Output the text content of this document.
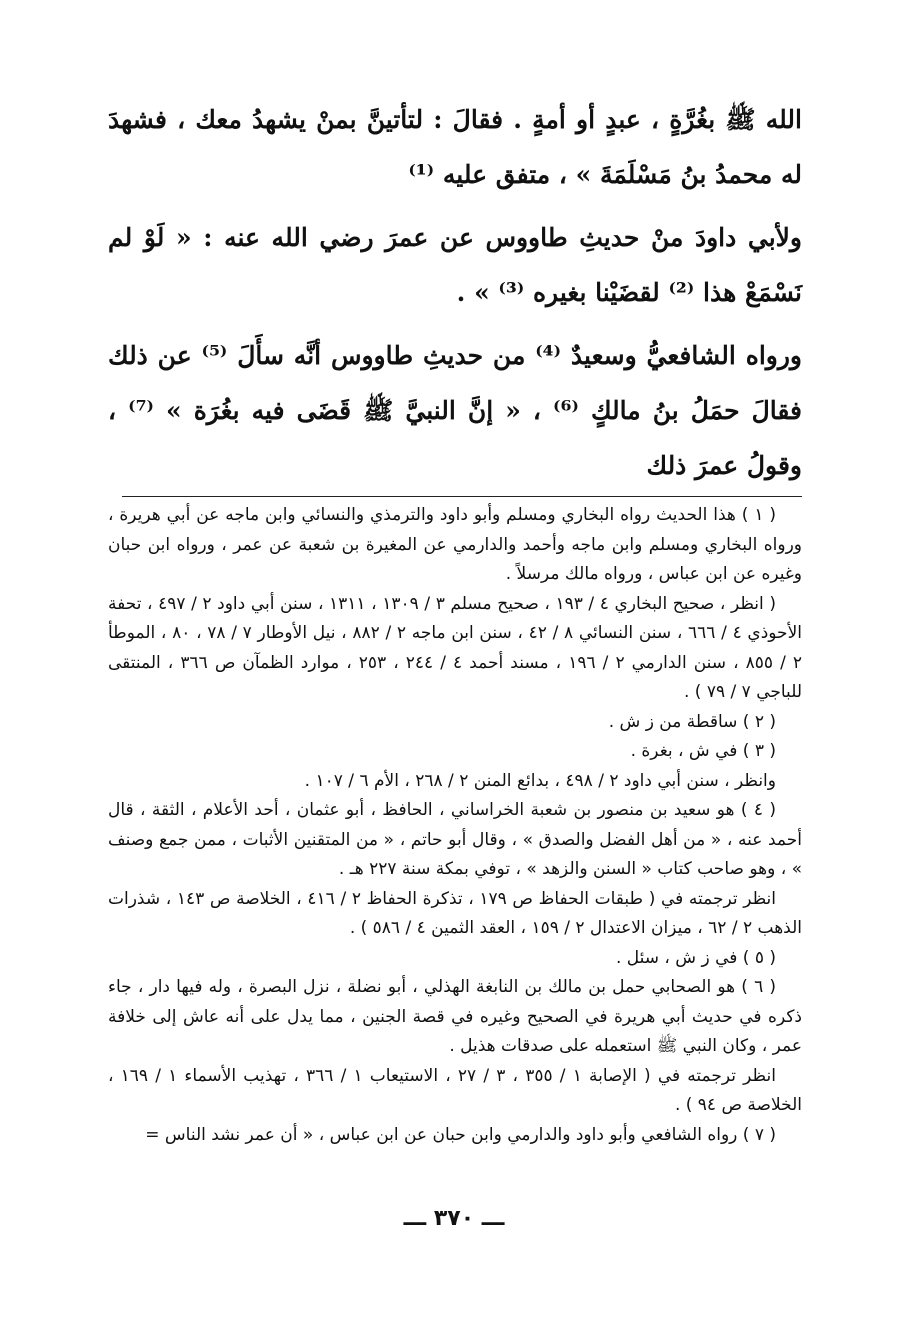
الله ﷺ بغُرَّةٍ ، عبدٍ أو أمةٍ . فقالَ : لتأتينَّ بمنْ يشهدُ معك ، فشهدَ له محمدُ بنُ مَسْلَمَةَ » ، متفق عليه ⁽¹⁾

ولأبي داودَ منْ حديثِ طاووس عن عمرَ رضي الله عنه : « لَوْ لم نَسْمَعْ هذا ⁽²⁾ لقضَيْنا بغيره ⁽³⁾ » .

ورواه الشافعيُّ وسعيدٌ ⁽⁴⁾ من حديثِ طاووس أنَّه سأَلَ ⁽⁵⁾ عن ذلك فقالَ حمَلُ بنُ مالكٍ ⁽⁶⁾ ، « إنَّ النبيَّ ﷺ قَضَى فيه بغُرَة » ⁽⁷⁾ ، وقولُ عمرَ ذلك

( ١ ) هذا الحديث رواه البخاري ومسلم وأبو داود والترمذي والنسائي وابن ماجه عن أبي هريرة ، ورواه البخاري ومسلم وابن ماجه وأحمد والدارمي عن المغيرة بن شعبة عن عمر ، ورواه ابن حبان وغيره عن ابن عباس ، ورواه مالك مرسلاً .

( انظر ، صحيح البخاري ٤ / ١٩٣ ، صحيح مسلم ٣ / ١٣٠٩ ، ١٣١١ ، سنن أبي داود ٢ / ٤٩٧ ، تحفة الأحوذي ٤ / ٦٦٦ ، سنن النسائي ٨ / ٤٢ ، سنن ابن ماجه ٢ / ٨٨٢ ، نيل الأوطار ٧ / ٧٨ ، ٨٠ ، الموطأ ٢ / ٨٥٥ ، سنن الدارمي ٢ / ١٩٦ ، مسند أحمد ٤ / ٢٤٤ ، ٢٥٣ ، موارد الظمآن ص ٣٦٦ ، المنتقى للباجي ٧ / ٧٩ ) .

( ٢ ) ساقطة من ز ش .

( ٣ ) في ش ، بغرة .

وانظر ، سنن أبي داود ٢ / ٤٩٨ ، بدائع المنن ٢ / ٢٦٨ ، الأم ٦ / ١٠٧ .

( ٤ ) هو سعيد بن منصور بن شعبة الخراساني ، الحافظ ، أبو عثمان ، أحد الأعلام ، الثقة ، قال أحمد عنه ، « من أهل الفضل والصدق » ، وقال أبو حاتم ، « من المتقنين الأثبات ، ممن جمع وصنف » ، وهو صاحب كتاب « السنن والزهد » ، توفي بمكة سنة ٢٢٧ هـ .

انظر ترجمته في ( طبقات الحفاظ ص ١٧٩ ، تذكرة الحفاظ ٢ / ٤١٦ ، الخلاصة ص ١٤٣ ، شذرات الذهب ٢ / ٦٢ ، ميزان الاعتدال ٢ / ١٥٩ ، العقد الثمين ٤ / ٥٨٦ ) .

( ٥ ) في ز ش ، سئل .

( ٦ ) هو الصحابي حمل بن مالك بن النابغة الهذلي ، أبو نضلة ، نزل البصرة ، وله فيها دار ، جاء ذكره في حديث أبي هريرة في الصحيح وغيره في قصة الجنين ، مما يدل على أنه عاش إلى خلافة عمر ، وكان النبي ﷺ استعمله على صدقات هذيل .

انظر ترجمته في ( الإصابة ١ / ٣٥٥ ، ٣ / ٢٧ ، الاستيعاب ١ / ٣٦٦ ، تهذيب الأسماء ١ / ١٦٩ ، الخلاصة ص ٩٤ ) .

( ٧ ) رواه الشافعي وأبو داود والدارمي وابن حبان عن ابن عباس ، « أن عمر نشد الناس =

ـــ ٣٧٠ ـــ
